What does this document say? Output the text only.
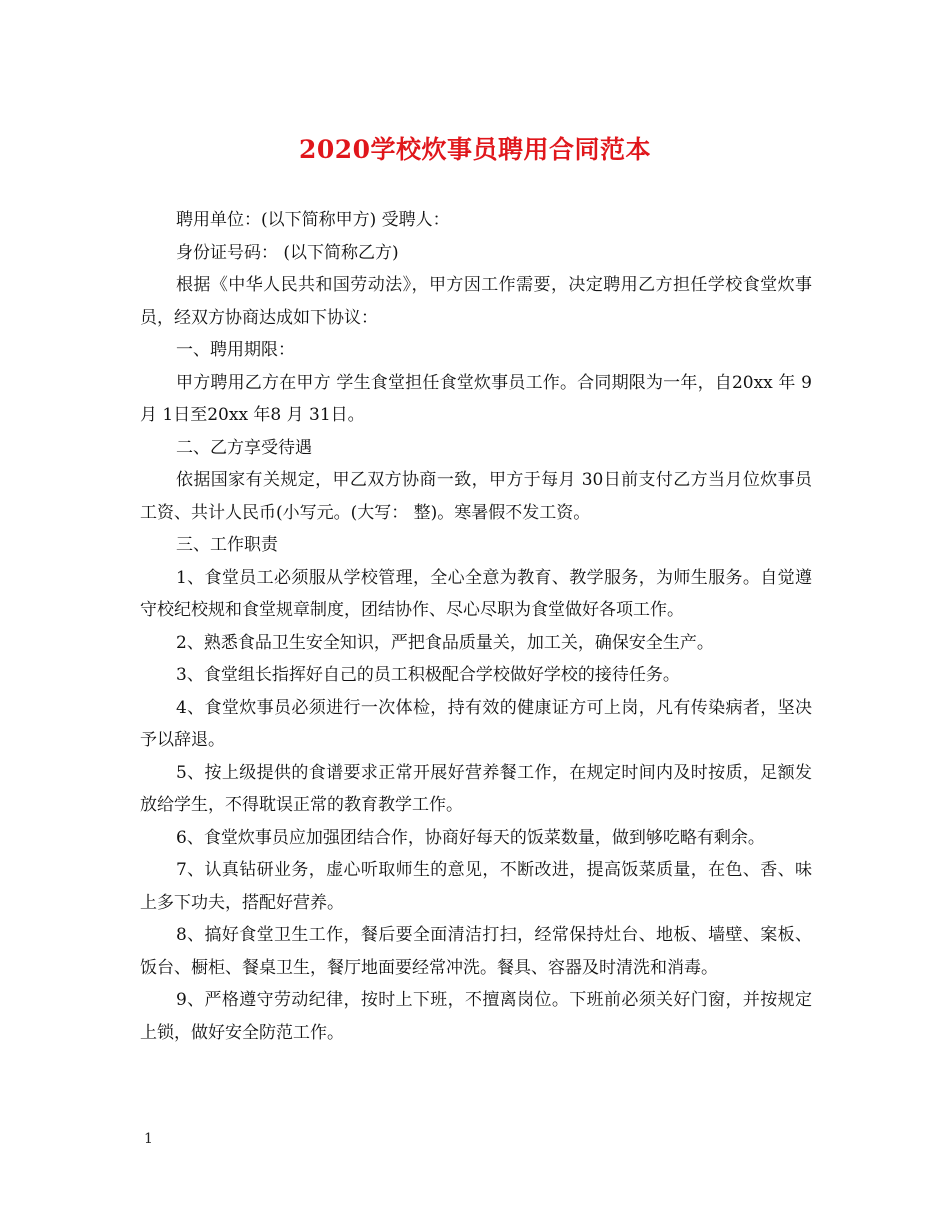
2020学校炊事员聘用合同范本

聘用单位：(以下简称甲方) 受聘人：

身份证号码： (以下简称乙方)

根据《中华人民共和国劳动法》，甲方因工作需要，决定聘用乙方担任学校食堂炊事员，经双方协商达成如下协议：

一、聘用期限：

甲方聘用乙方在甲方 学生食堂担任食堂炊事员工作。合同期限为一年，自20xx 年 9月 1日至20xx 年8 月 31日。

二、乙方享受待遇

依据国家有关规定，甲乙双方协商一致，甲方于每月 30日前支付乙方当月位炊事员工资、共计人民币(小写元。(大写： 整)。寒暑假不发工资。

三、工作职责

1、食堂员工必须服从学校管理，全心全意为教育、教学服务，为师生服务。自觉遵守校纪校规和食堂规章制度，团结协作、尽心尽职为食堂做好各项工作。

2、熟悉食品卫生安全知识，严把食品质量关，加工关，确保安全生产。

3、食堂组长指挥好自己的员工积极配合学校做好学校的接待任务。

4、食堂炊事员必须进行一次体检，持有效的健康证方可上岗，凡有传染病者，坚决予以辞退。

5、按上级提供的食谱要求正常开展好营养餐工作，在规定时间内及时按质，足额发放给学生，不得耽误正常的教育教学工作。

6、食堂炊事员应加强团结合作，协商好每天的饭菜数量，做到够吃略有剩余。

7、认真钻研业务，虚心听取师生的意见，不断改进，提高饭菜质量，在色、香、味上多下功夫，搭配好营养。

8、搞好食堂卫生工作，餐后要全面清洁打扫，经常保持灶台、地板、墙壁、案板、饭台、橱柜、餐桌卫生，餐厅地面要经常冲洗。餐具、容器及时清洗和消毒。

9、严格遵守劳动纪律，按时上下班，不擅离岗位。下班前必须关好门窗，并按规定上锁，做好安全防范工作。

1
